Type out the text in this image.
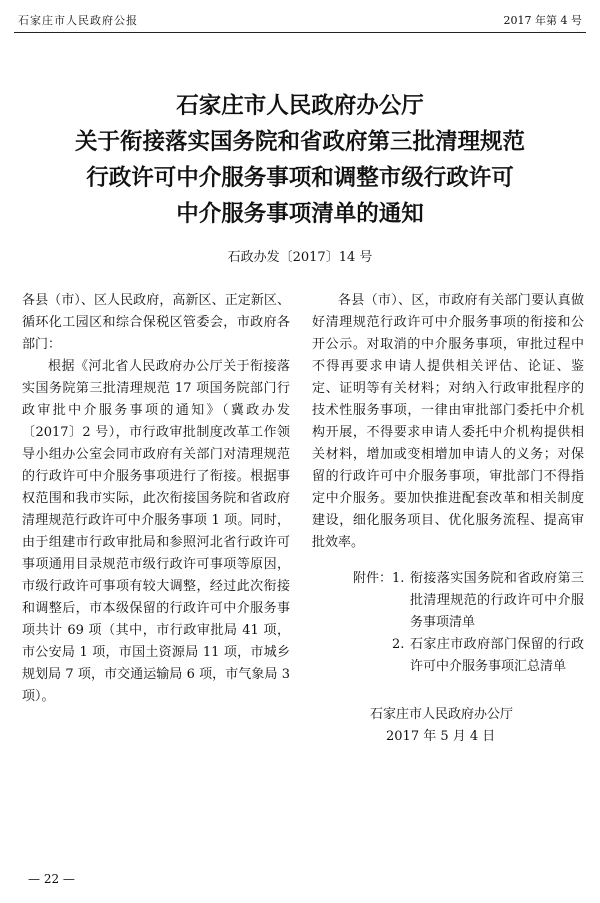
石家庄市人民政府公报	2017 年第 4 号
石家庄市人民政府办公厅
关于衔接落实国务院和省政府第三批清理规范
行政许可中介服务事项和调整市级行政许可
中介服务事项清单的通知
石政办发〔2017〕14 号

各县（市）、区人民政府，高新区、正定新区、循环化工园区和综合保税区管委会，市政府各部门：

根据《河北省人民政府办公厅关于衔接落实国务院第三批清理规范 17 项国务院部门行政审批中介服务事项的通知》（冀政办发〔2017〕2 号），市行政审批制度改革工作领导小组办公室会同市政府有关部门对清理规范的行政许可中介服务事项进行了衔接。根据事权范围和我市实际，此次衔接国务院和省政府清理规范行政许可中介服务事项 1 项。同时，由于组建市行政审批局和参照河北省行政许可事项通用目录规范市级行政许可事项等原因，市级行政许可事项有较大调整，经过此次衔接和调整后，市本级保留的行政许可中介服务事项共计 69 项（其中，市行政审批局 41 项，市公安局 1 项，市国土资源局 11 项，市城乡规划局 7 项，市交通运输局 6 项，市气象局 3 项）。

各县（市）、区，市政府有关部门要认真做好清理规范行政许可中介服务事项的衔接和公开公示。对取消的中介服务事项，审批过程中不得再要求申请人提供相关评估、论证、鉴定、证明等有关材料；对纳入行政审批程序的技术性服务事项，一律由审批部门委托中介机构开展，不得要求申请人委托中介机构提供相关材料，增加或变相增加申请人的义务；对保留的行政许可中介服务事项，审批部门不得指定中介服务。要加快推进配套改革和相关制度建设，细化服务项目、优化服务流程、提高审批效率。

附件： 1. 衔接落实国务院和省政府第三批清理规范的行政许可中介服务事项清单
2. 石家庄市政府部门保留的行政许可中介服务事项汇总清单
石家庄市人民政府办公厅
2017 年 5 月 4 日
— 22 —
